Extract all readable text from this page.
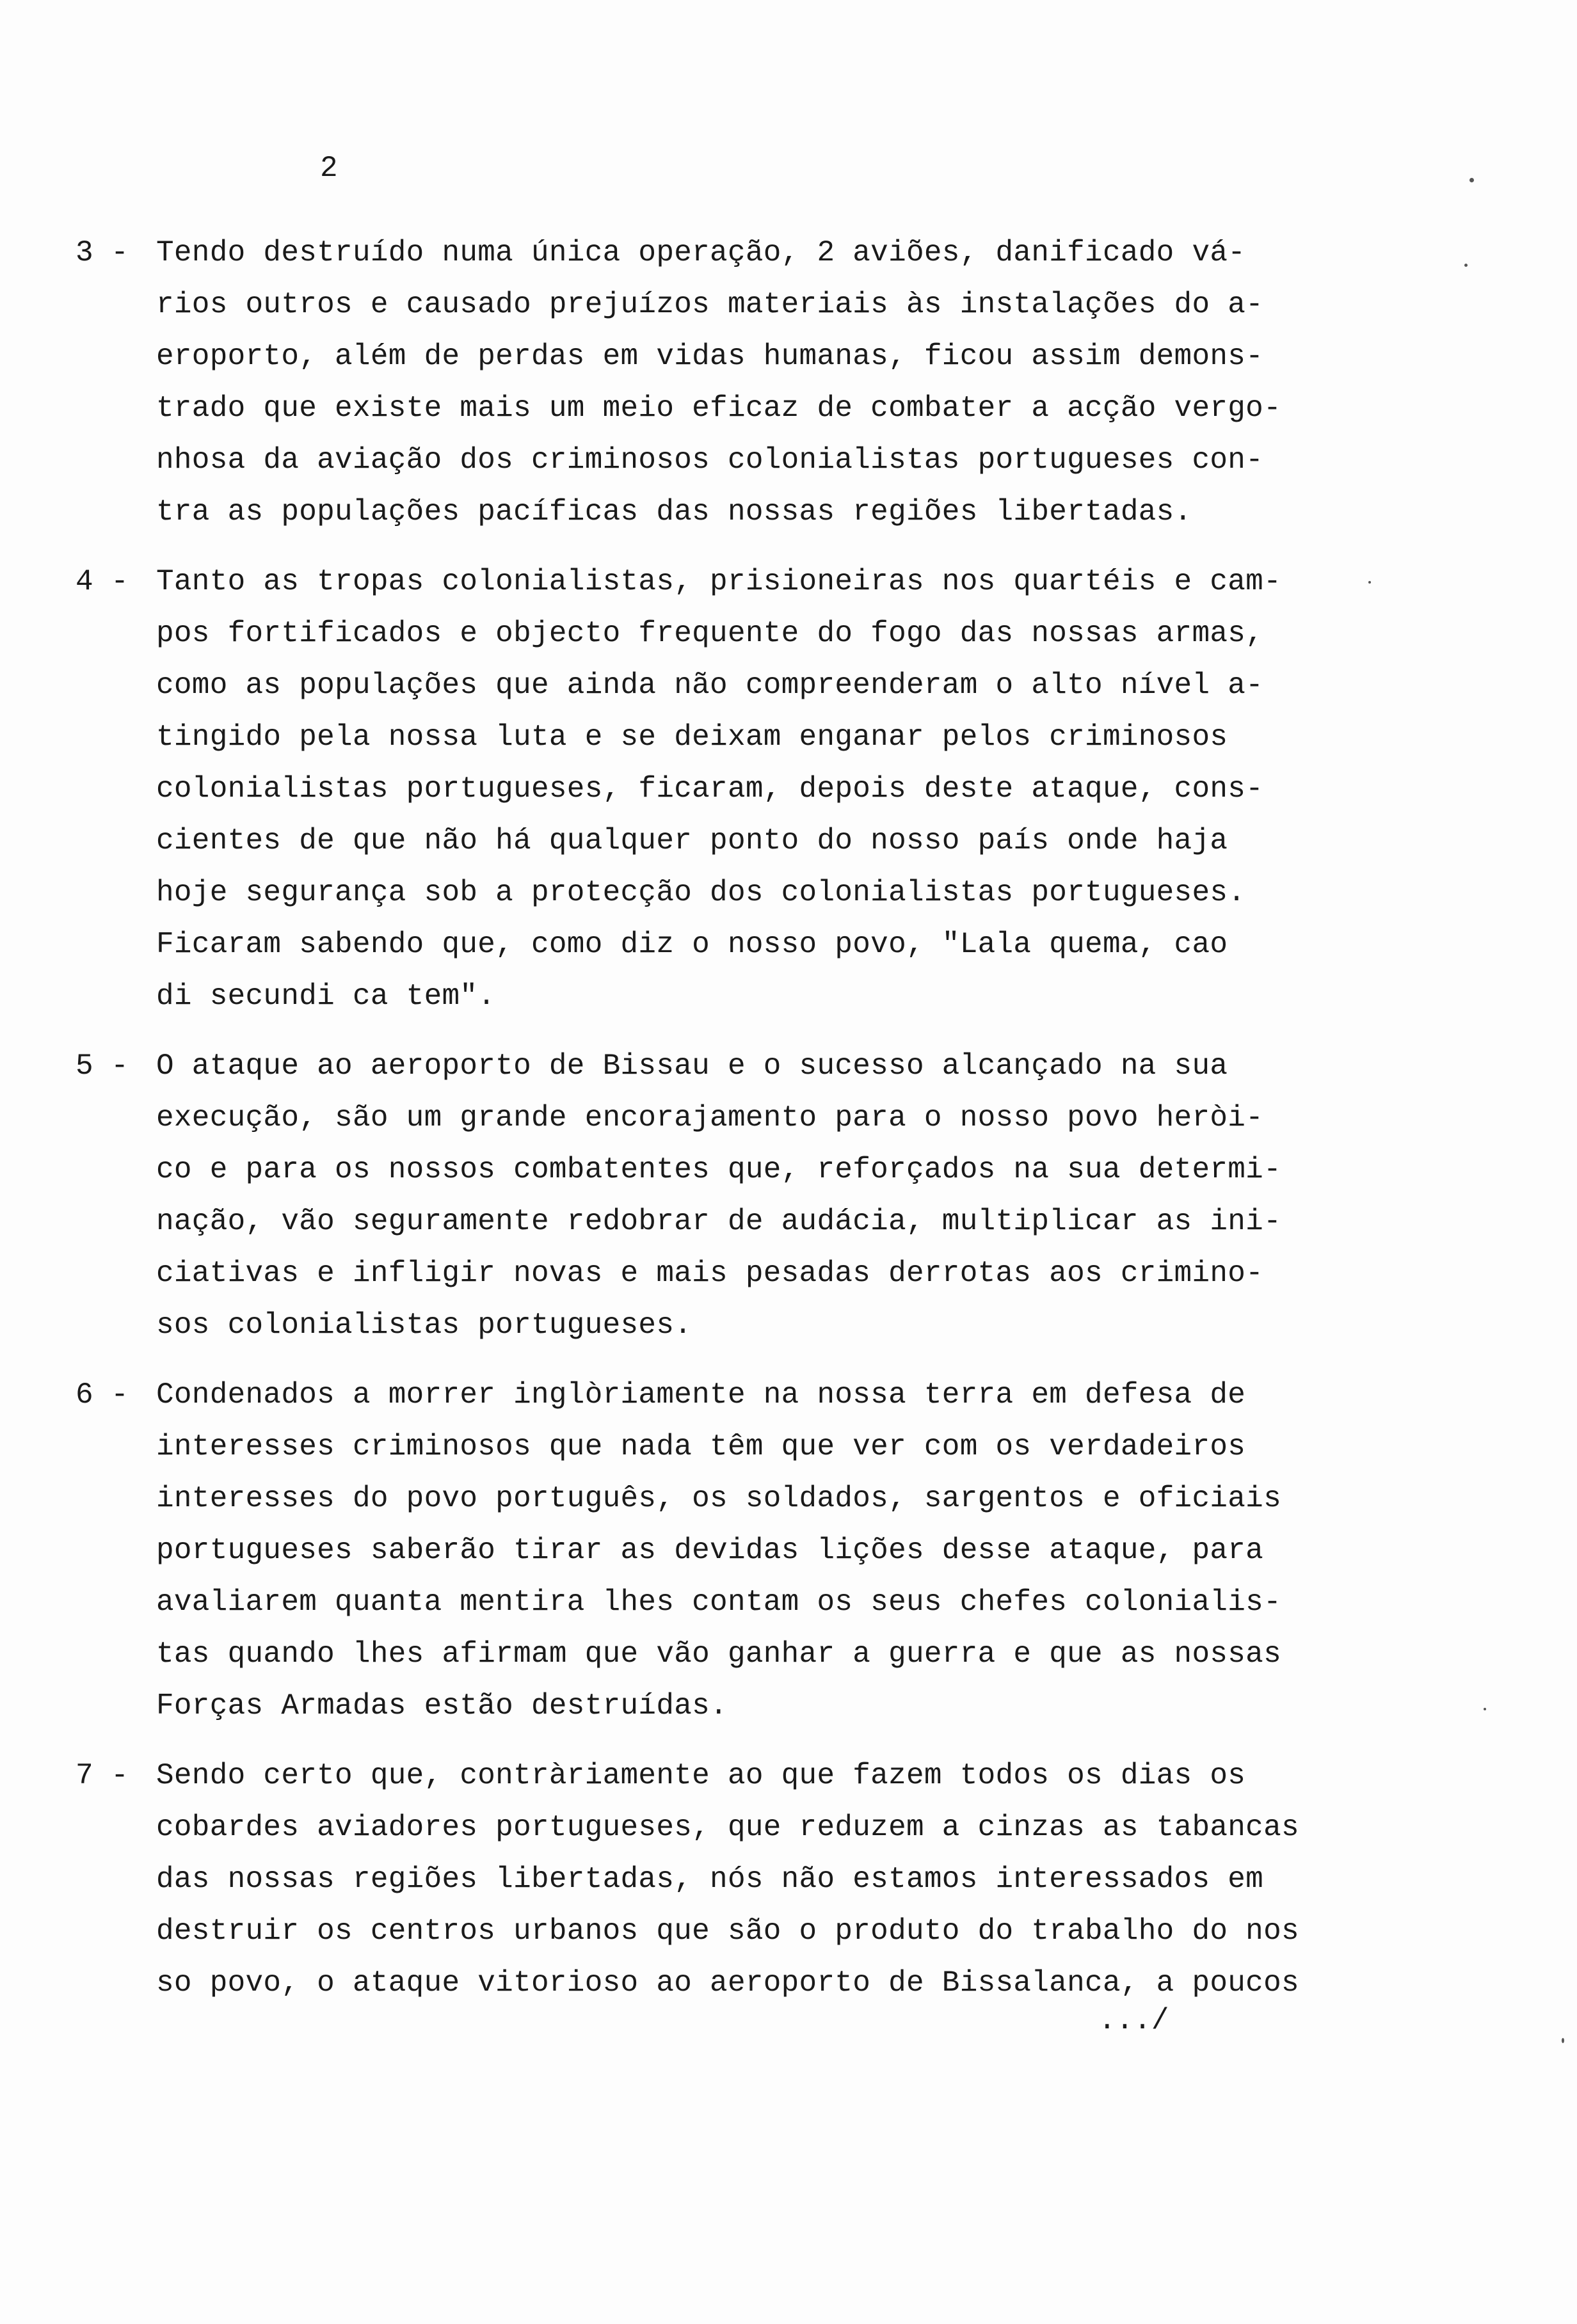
2
3 - Tendo destruído numa única operação, 2 aviões, danificado vá-
rios outros e causado prejuízos materiais às instalações do a-
eroporto, além de perdas em vidas humanas, ficou assim demons-
trado que existe mais um meio eficaz de combater a acção vergo-
nhosa da aviação dos criminosos colonialistas portugueses con-
tra as populações pacíficas das nossas regiões libertadas.
4 - Tanto as tropas colonialistas, prisioneiras nos quartéis e cam-
pos fortificados e objecto frequente do fogo das nossas armas,
como as populações que ainda não compreenderam o alto nível a-
tingido pela nossa luta e se deixam enganar pelos criminosos
colonialistas portugueses, ficaram, depois deste ataque, cons-
cientes de que não há qualquer ponto do nosso país onde haja
hoje segurança sob a protecção dos colonialistas portugueses.
Ficaram sabendo que, como diz o nosso povo, "Lala quema, cao
di secundi ca tem".
5 - O ataque ao aeroporto de Bissau e o sucesso alcançado na sua
execução, são um grande encorajamento para o nosso povo heròi-
co e para os nossos combatentes que, reforçados na sua determi-
nação, vão seguramente redobrar de audácia, multiplicar as ini-
ciativas e infligir novas e mais pesadas derrotas aos crimino-
sos colonialistas portugueses.
6 - Condenados a morrer inglòriamente na nossa terra em defesa de
interesses criminosos que nada têm que ver com os verdadeiros
interesses do povo português, os soldados, sargentos e oficiais
portugueses saberão tirar as devidas lições desse ataque, para
avaliarem quanta mentira lhes contam os seus chefes colonialis-
tas quando lhes afirmam que vão ganhar a guerra e que as nossas
Forças Armadas estão destruídas.
7 - Sendo certo que, contràriamente ao que fazem todos os dias os
cobardes aviadores portugueses, que reduzem a cinzas as tabancas
das nossas regiões libertadas, nós não estamos interessados em
destruir os centros urbanos que são o produto do trabalho do nos
so povo, o ataque vitorioso ao aeroporto de Bissalanca, a poucos
.../
